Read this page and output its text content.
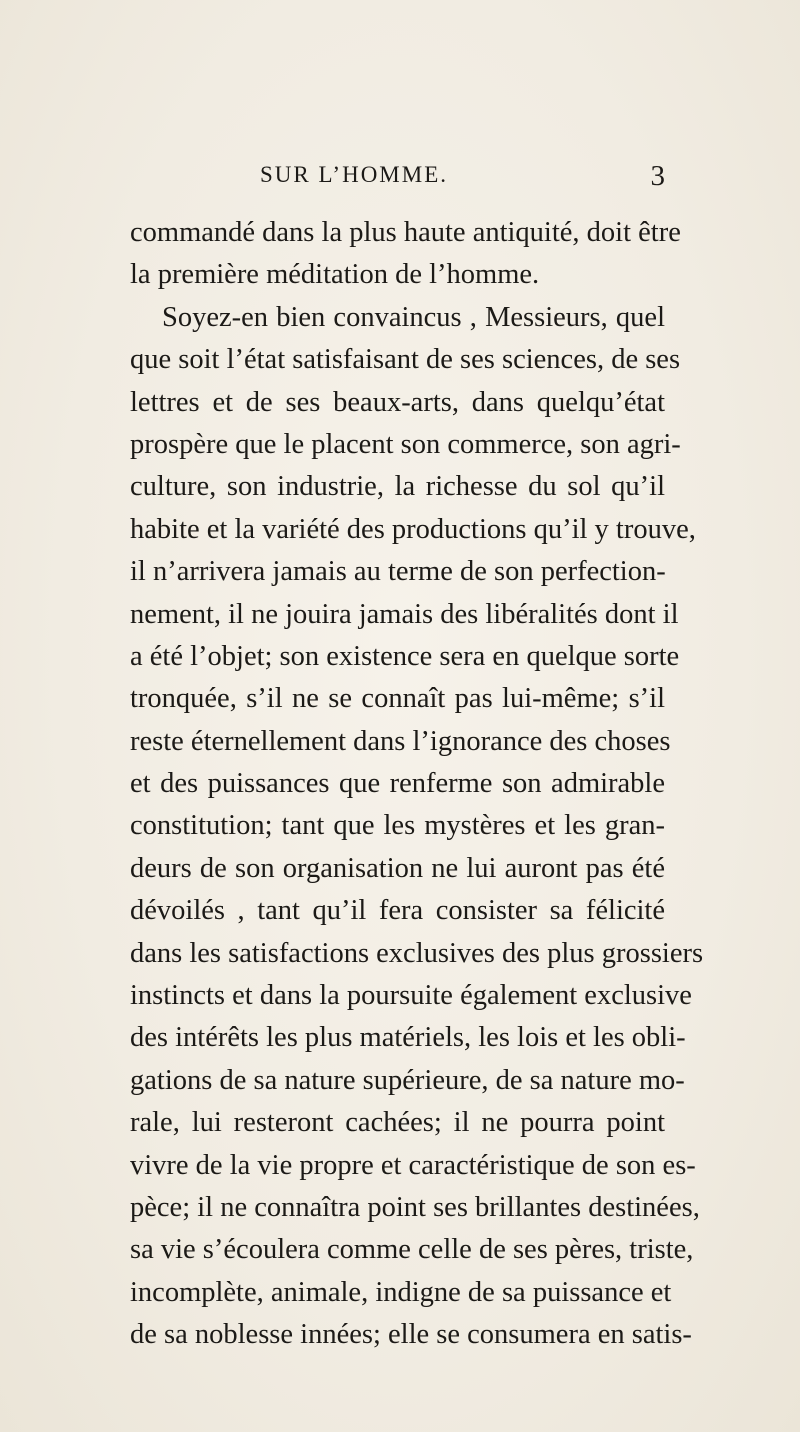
SUR L’HOMME.	3
commandé dans la plus haute antiquité, doit être
la première méditation de l’homme.
Soyez-en bien convaincus , Messieurs, quel
que soit l’état satisfaisant de ses sciences, de ses
lettres et de ses beaux-arts, dans quelqu’état
prospère que le placent son commerce, son agri-
culture, son industrie, la richesse du sol qu’il
habite et la variété des productions qu’il y trouve,
il n’arrivera jamais au terme de son perfection-
nement, il ne jouira jamais des libéralités dont il
a été l’objet; son existence sera en quelque sorte
tronquée, s’il ne se connaît pas lui-même; s’il
reste éternellement dans l’ignorance des choses
et des puissances que renferme son admirable
constitution; tant que les mystères et les gran-
deurs de son organisation ne lui auront pas été
dévoilés , tant qu’il fera consister sa félicité
dans les satisfactions exclusives des plus grossiers
instincts et dans la poursuite également exclusive
des intérêts les plus matériels, les lois et les obli-
gations de sa nature supérieure, de sa nature mo-
rale, lui resteront cachées; il ne pourra point
vivre de la vie propre et caractéristique de son es-
pèce; il ne connaîtra point ses brillantes destinées,
sa vie s’écoulera comme celle de ses pères, triste,
incomplète, animale, indigne de sa puissance et
de sa noblesse innées; elle se consumera en satis-
